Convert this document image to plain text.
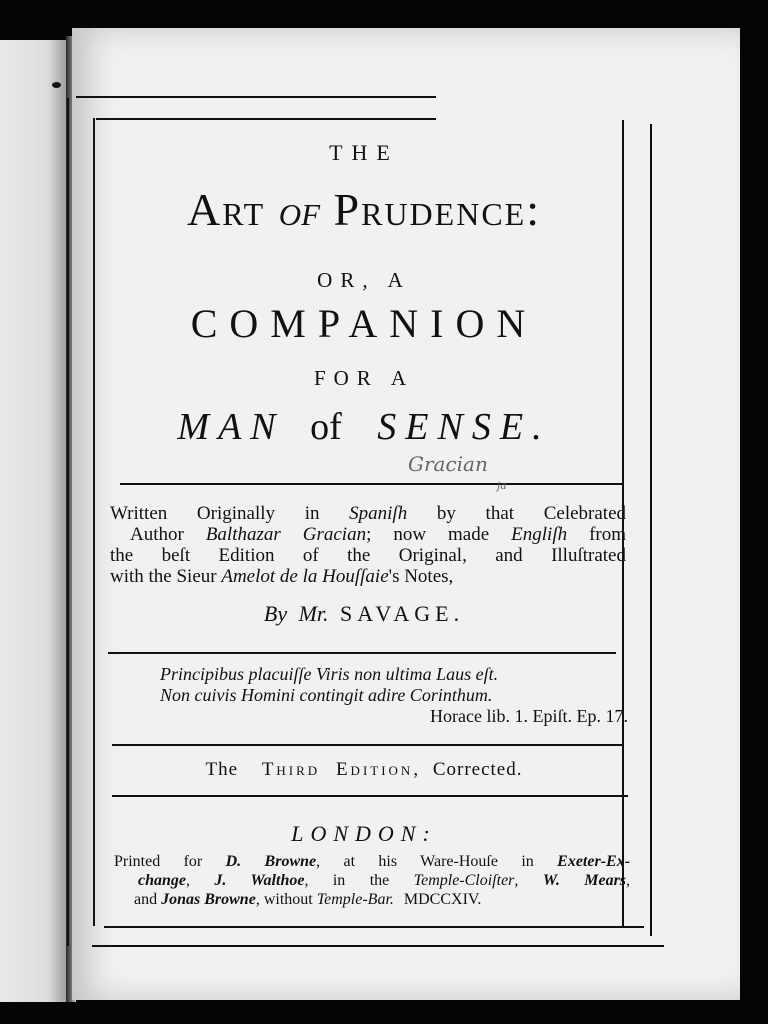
THE
Art of Prudence:
OR, A
COMPANION
FOR A
MAN of SENSE.
Gracian
ja
Written Originally in Spaniſh by that Celebrated
Author Balthazar Gracian; now made Engliſh from
the beſt Edition of the Original, and Illuſtrated
with the Sieur Amelot de la Houſſaie's Notes,
By Mr. SAVAGE.
Principibus placuiſſe Viris non ultima Laus eſt.
Non cuivis Homini contingit adire Corinthum.
Horace lib. 1. Epiſt. Ep. 17.
The Third Edition, Corrected.
LONDON:
Printed for D. Browne, at his Ware-Houſe in Exeter-Ex-
change, J. Walthoe, in the Temple-Cloiſter, W. Mears,
and Jonas Browne, without Temple-Bar. MDCCXIV.
